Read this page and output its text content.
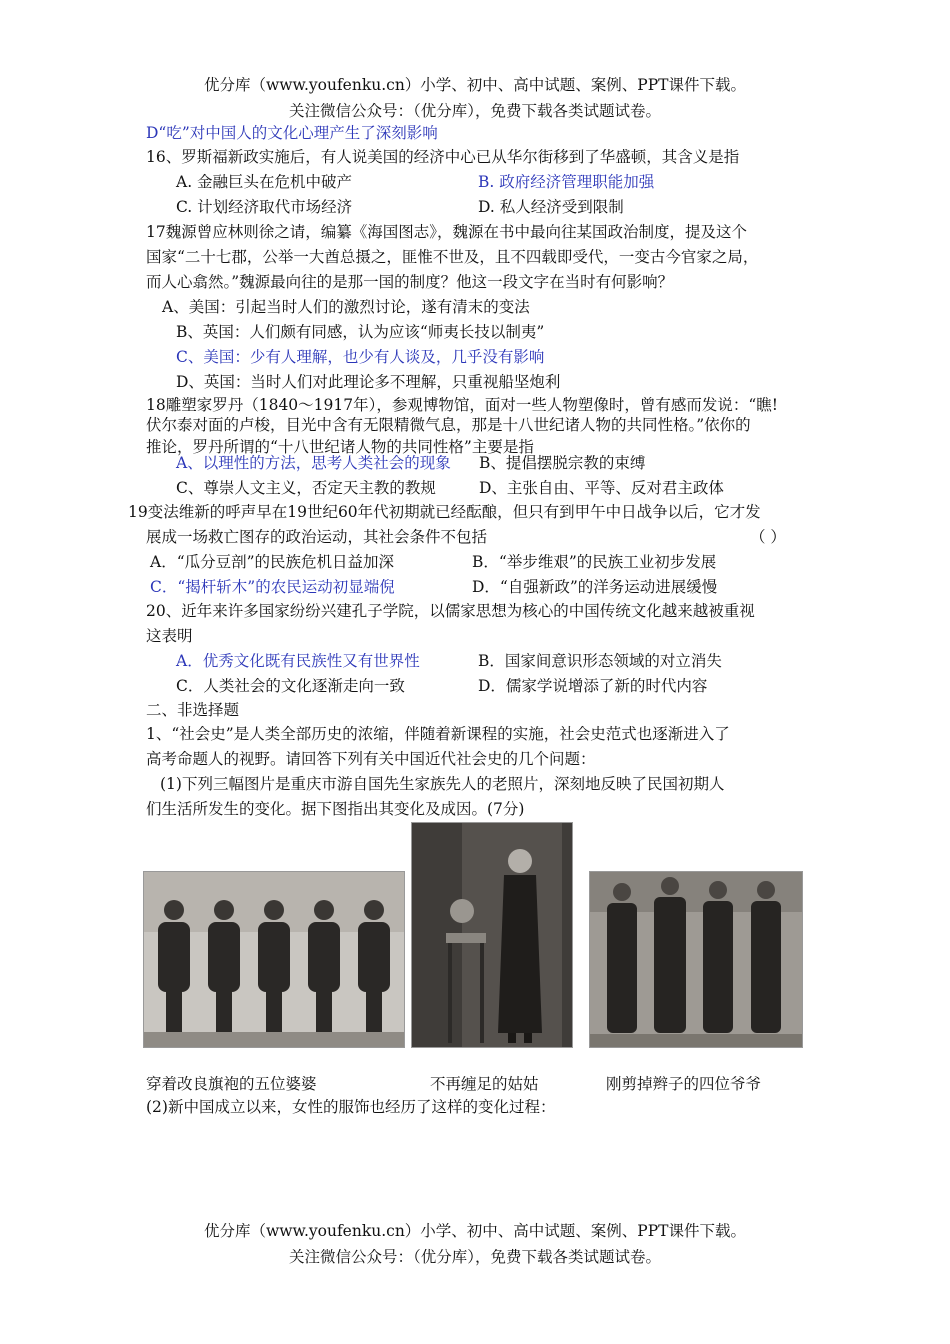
优分库（www.youfenku.cn）小学、初中、高中试题、案例、PPT课件下载。
关注微信公众号：（优分库），免费下载各类试题试卷。
D“吃”对中国人的文化心理产生了深刻影响
16、罗斯福新政实施后，有人说美国的经济中心已从华尔街移到了华盛顿，其含义是指
A. 金融巨头在危机中破产	B. 政府经济管理职能加强
C. 计划经济取代市场经济	D. 私人经济受到限制
17魏源曾应林则徐之请，编纂《海国图志》，魏源在书中最向往某国政治制度，提及这个
国家“二十七郡，公举一大酋总摄之，匪惟不世及，且不四载即受代，一变古今官家之局，
而人心翕然。”魏源最向往的是那一国的制度？他这一段文字在当时有何影响？
A、美国：引起当时人们的激烈讨论，遂有清末的变法
B、英国：人们颇有同感，认为应该“师夷长技以制夷”
C、美国：少有人理解，也少有人谈及，几乎没有影响
D、英国：当时人们对此理论多不理解，只重视船坚炮利
18雕塑家罗丹（1840～1917年），参观博物馆，面对一些人物塑像时，曾有感而发说：“瞧!
伏尔泰对面的卢梭，目光中含有无限精微气息，那是十八世纪诸人物的共同性格。”依你的
推论，罗丹所谓的“十八世纪诸人物的共同性格”主要是指
A、以理性的方法，思考人类社会的现象 B、提倡摆脱宗教的束缚
C、尊崇人文主义，否定天主教的教规	D、主张自由、平等、反对君主政体
19变法维新的呼声早在19世纪60年代初期就已经酝酿，但只有到甲午中日战争以后，它才发
展成一场救亡图存的政治运动，其社会条件不包括	（ ）
A．“瓜分豆剖”的民族危机日益加深	B．“举步维艰”的民族工业初步发展
C．“揭杆斩木”的农民运动初显端倪	D．“自强新政”的洋务运动进展缓慢
20、近年来许多国家纷纷兴建孔子学院，以儒家思想为核心的中国传统文化越来越被重视
这表明
A．优秀文化既有民族性又有世界性	B．国家间意识形态领域的对立消失
C．人类社会的文化逐渐走向一致	D．儒家学说增添了新的时代内容
二、非选择题
1、“社会史”是人类全部历史的浓缩，伴随着新课程的实施，社会史范式也逐渐进入了
高考命题人的视野。请回答下列有关中国近代社会史的几个问题：
(1)下列三幅图片是重庆市游自国先生家族先人的老照片，深刻地反映了民国初期人
们生活所发生的变化。据下图指出其变化及成因。(7分)
穿着改良旗袍的五位婆婆	不再缠足的姑姑	刚剪掉辫子的四位爷爷
(2)新中国成立以来，女性的服饰也经历了这样的变化过程：
优分库（www.youfenku.cn）小学、初中、高中试题、案例、PPT课件下载。
关注微信公众号：（优分库），免费下载各类试题试卷。
